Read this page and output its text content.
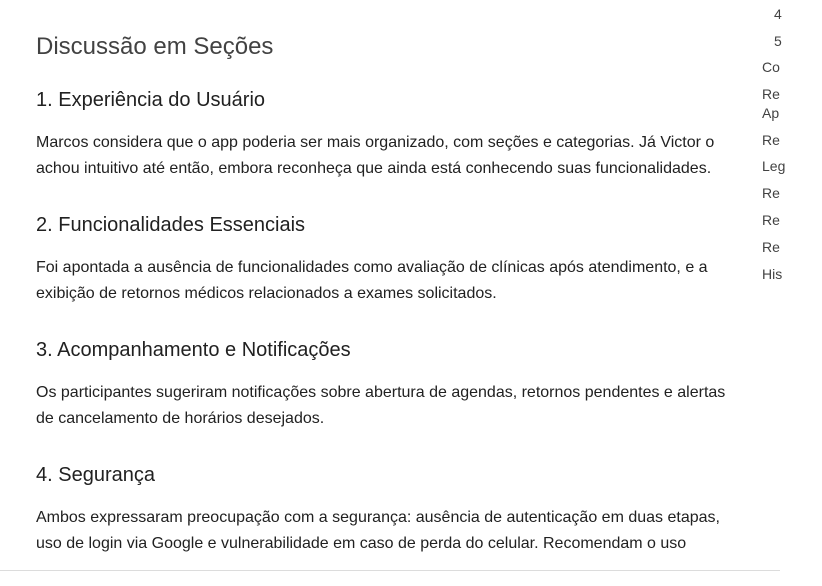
Discussão em Seções
1. Experiência do Usuário

Marcos considera que o app poderia ser mais organizado, com seções e categorias. Já Victor o achou intuitivo até então, embora reconheça que ainda está conhecendo suas funcionalidades.

2. Funcionalidades Essenciais

Foi apontada a ausência de funcionalidades como avaliação de clínicas após atendimento, e a exibição de retornos médicos relacionados a exames solicitados.

3. Acompanhamento e Notificações

Os participantes sugeriram notificações sobre abertura de agendas, retornos pendentes e alertas de cancelamento de horários desejados.

4. Segurança

Ambos expressaram preocupação com a segurança: ausência de autenticação em duas etapas, uso de login via Google e vulnerabilidade em caso de perda do celular. Recomendam o uso

4
5
Co
Re
Ap
Re
Leg
Re
Re
Re
His
